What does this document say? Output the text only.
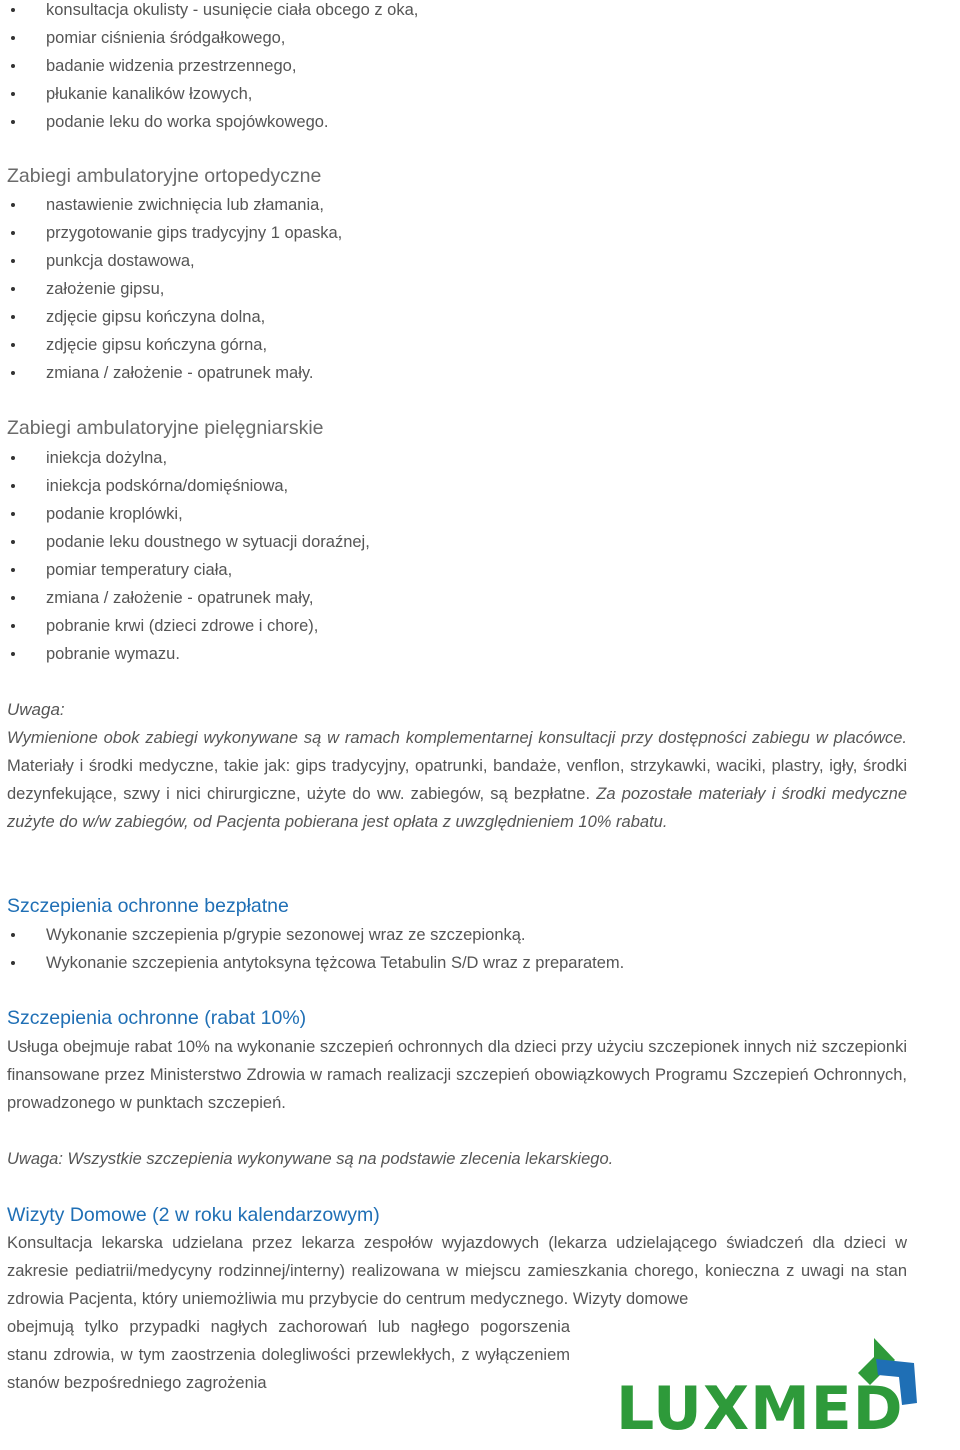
konsultacja okulisty - usunięcie ciała obcego z oka,
pomiar ciśnienia śródgałkowego,
badanie widzenia przestrzennego,
płukanie kanalików łzowych,
podanie leku do worka spojówkowego.
Zabiegi ambulatoryjne ortopedyczne
nastawienie zwichnięcia lub złamania,
przygotowanie gips tradycyjny 1 opaska,
punkcja dostawowa,
założenie gipsu,
zdjęcie gipsu kończyna dolna,
zdjęcie gipsu kończyna górna,
zmiana / założenie - opatrunek mały.
Zabiegi ambulatoryjne pielęgniarskie
iniekcja dożylna,
iniekcja podskórna/domięśniowa,
podanie kroplówki,
podanie leku doustnego w sytuacji doraźnej,
pomiar temperatury ciała,
zmiana / założenie - opatrunek mały,
pobranie krwi (dzieci zdrowe i chore),
pobranie wymazu.
Uwaga:
Wymienione obok zabiegi wykonywane są w ramach komplementarnej konsultacji przy dostępności zabiegu w placówce. Materiały i środki medyczne, takie jak: gips tradycyjny, opatrunki, bandaże, venflon, strzykawki, waciki, plastry, igły, środki dezynfekujące, szwy i nici chirurgiczne, użyte do ww. zabiegów, są bezpłatne. Za pozostałe materiały i środki medyczne zużyte do w/w zabiegów, od Pacjenta pobierana jest opłata z uwzględnieniem 10% rabatu.
Szczepienia ochronne bezpłatne
Wykonanie szczepienia p/grypie sezonowej wraz ze szczepionką.
Wykonanie szczepienia antytoksyna tężcowa Tetabulin S/D wraz z preparatem.
Szczepienia ochronne (rabat 10%)
Usługa obejmuje rabat 10% na wykonanie szczepień ochronnych dla dzieci przy użyciu szczepionek innych niż szczepionki finansowane przez Ministerstwo Zdrowia w ramach realizacji szczepień obowiązkowych Programu Szczepień Ochronnych, prowadzonego w punktach szczepień.
Uwaga: Wszystkie szczepienia wykonywane są na podstawie zlecenia lekarskiego.
Wizyty Domowe (2 w roku kalendarzowym)
Konsultacja lekarska udzielana przez lekarza zespołów wyjazdowych (lekarza udzielającego świadczeń dla dzieci w zakresie pediatrii/medycyny rodzinnej/interny) realizowana w miejscu zamieszkania chorego, konieczna z uwagi na stan zdrowia Pacjenta, który uniemożliwia mu przybycie do centrum medycznego. Wizyty domowe
obejmują tylko przypadki nagłych zachorowań lub nagłego pogorszenia stanu zdrowia, w tym zaostrzenia dolegliwości przewlekłych, z wyłączeniem stanów bezpośredniego zagrożenia	LUXMED
